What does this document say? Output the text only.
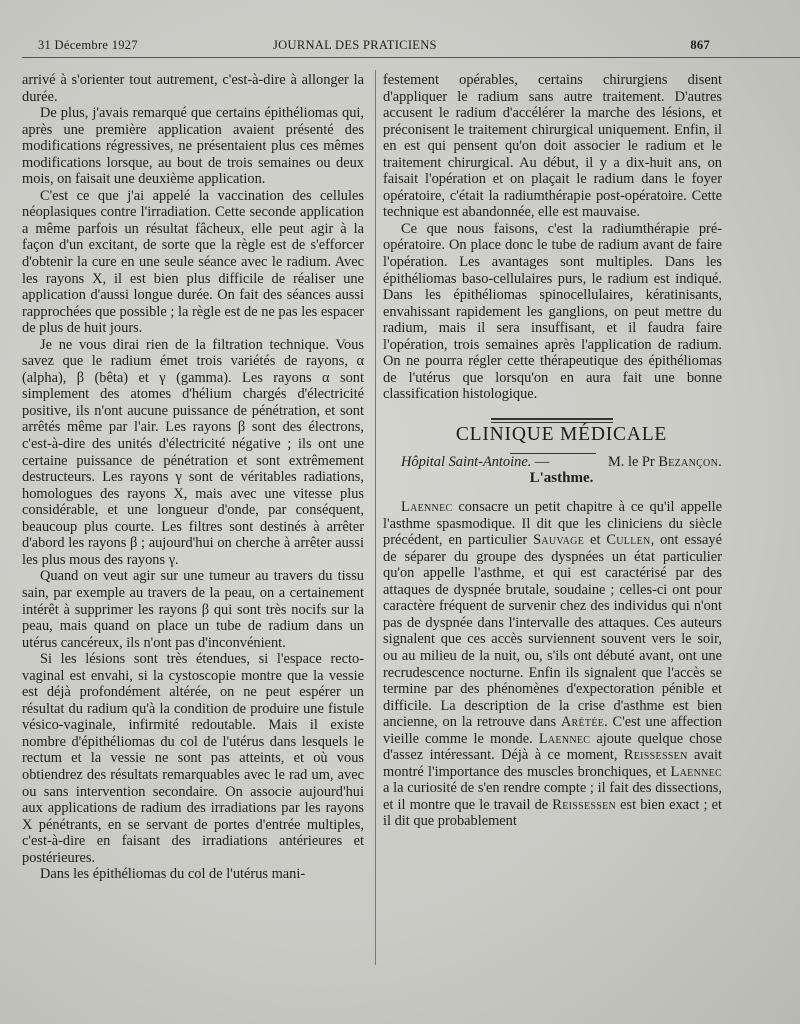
31 Décembre 1927	JOURNAL DES PRATICIENS	867

arrivé à s'orienter tout autrement, c'est-à-dire à allonger la durée.

De plus, j'avais remarqué que certains épithéliomas qui, après une première application avaient présenté des modifications régressives, ne présentaient plus ces mêmes modifications lorsque, au bout de trois semaines ou deux mois, on faisait une deuxième application.

C'est ce que j'ai appelé la vaccination des cellules néoplasiques contre l'irradiation. Cette seconde application a même parfois un résultat fâcheux, elle peut agir à la façon d'un excitant, de sorte que la règle est de s'efforcer d'obtenir la cure en une seule séance avec le radium. Avec les rayons X, il est bien plus difficile de réaliser une application d'aussi longue durée. On fait des séances aussi rapprochées que possible ; la règle est de ne pas les espacer de plus de huit jours.

Je ne vous dirai rien de la filtration technique. Vous savez que le radium émet trois variétés de rayons, α (alpha), β (bêta) et γ (gamma). Les rayons α sont simplement des atomes d'hélium chargés d'électricité positive, ils n'ont aucune puissance de pénétration, et sont arrêtés même par l'air. Les rayons β sont des électrons, c'est-à-dire des unités d'électricité négative ; ils ont une certaine puissance de pénétration et sont extrêmement destructeurs. Les rayons γ sont de véritables radiations, homologues des rayons X, mais avec une vitesse plus considérable, et une longueur d'onde, par conséquent, beaucoup plus courte. Les filtres sont destinés à arrêter d'abord les rayons β ; aujourd'hui on cherche à arrêter aussi les plus mous des rayons γ.

Quand on veut agir sur une tumeur au travers du tissu sain, par exemple au travers de la peau, on a certainement intérêt à supprimer les rayons β qui sont très nocifs sur la peau, mais quand on place un tube de radium dans un utérus cancéreux, ils n'ont pas d'inconvénient.

Si les lésions sont très étendues, si l'espace recto-vaginal est envahi, si la cystoscopie montre que la vessie est déjà profondément altérée, on ne peut espérer un résultat du radium qu'à la condition de produire une fistule vésico-vaginale, infirmité redoutable. Mais il existe nombre d'épithéliomas du col de l'utérus dans lesquels le rectum et la vessie ne sont pas atteints, et où vous obtiendrez des résultats remarquables avec le rad um, avec ou sans intervention secondaire. On associe aujourd'hui aux applications de radium des irradiations par les rayons X pénétrants, en se servant de portes d'entrée multiples, c'est-à-dire en faisant des irradiations antérieures et postérieures.

Dans les épithéliomas du col de l'utérus mani-

festement opérables, certains chirurgiens disent d'appliquer le radium sans autre traitement. D'autres accusent le radium d'accélérer la marche des lésions, et préconisent le traitement chirurgical uniquement. Enfin, il en est qui pensent qu'on doit associer le radium et le traitement chirurgical. Au début, il y a dix-huit ans, on faisait l'opération et on plaçait le radium dans le foyer opératoire, c'était la radiumthérapie post-opératoire. Cette technique est abandonnée, elle est mauvaise.

Ce que nous faisons, c'est la radiumthérapie pré-opératoire. On place donc le tube de radium avant de faire l'opération. Les avantages sont multiples. Dans les épithéliomas baso-cellulaires purs, le radium est indiqué. Dans les épithéliomas spinocellulaires, kératinisants, envahissant rapidement les ganglions, on peut mettre du radium, mais il sera insuffisant, et il faudra faire l'opération, trois semaines après l'application de radium. On ne pourra régler cette thérapeutique des épithéliomas de l'utérus que lorsqu'on en aura fait une bonne classification histologique.

CLINIQUE MÉDICALE

Hôpital Saint-Antoine. —	M. le Pr Bezançon.

L'asthme.

Laennec consacre un petit chapitre à ce qu'il appelle l'asthme spasmodique. Il dit que les cliniciens du siècle précédent, en particulier Sauvage et Cullen, ont essayé de séparer du groupe des dyspnées un état particulier qu'on appelle l'asthme, et qui est caractérisé par des attaques de dyspnée brutale, soudaine ; celles-ci ont pour caractère fréquent de survenir chez des individus qui n'ont pas de dyspnée dans l'intervalle des attaques. Ces auteurs signalent que ces accès surviennent souvent vers le soir, ou au milieu de la nuit, ou, s'ils ont débuté avant, ont une recrudescence nocturne. Enfin ils signalent que l'accès se termine par des phénomènes d'expectoration pénible et difficile. La description de la crise d'asthme est bien ancienne, on la retrouve dans Arétée. C'est une affection vieille comme le monde. Laennec ajoute quelque chose d'assez intéressant. Déjà à ce moment, Reissessen avait montré l'importance des muscles bronchiques, et Laennec a la curiosité de s'en rendre compte ; il fait des dissections, et il montre que le travail de Reissessen est bien exact ; et il dit que probablement
